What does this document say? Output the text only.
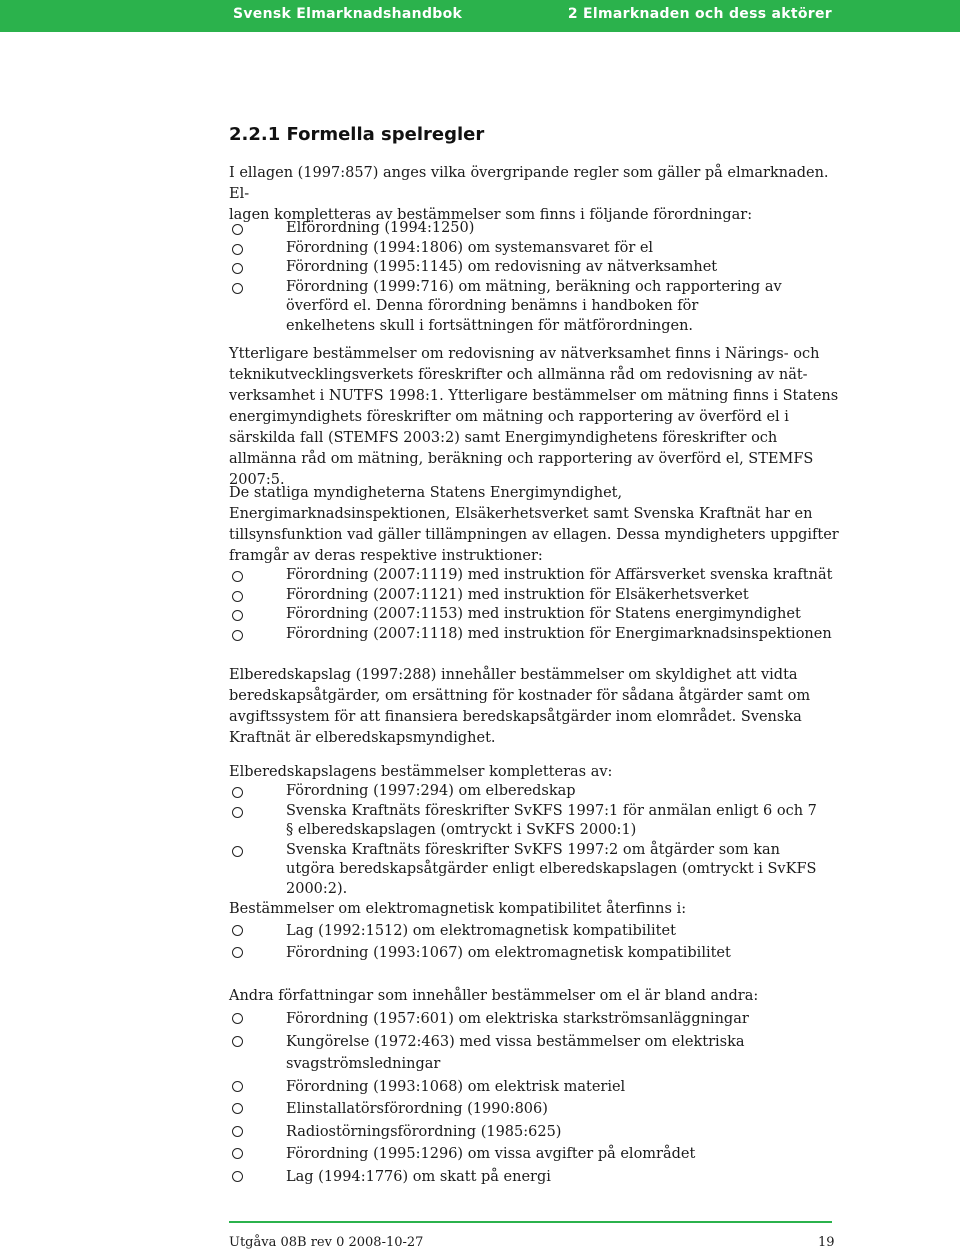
Svensk Elmarknadshandbok	2 Elmarknaden och dess aktörer
2.2.1 Formella spelregler

I ellagen (1997:857) anges vilka övergripande regler som gäller på elmarknaden. El-

lagen kompletteras av bestämmelser som finns i följande förordningar:

Elförordning (1994:1250)
Förordning (1994:1806) om systemansvaret för el
Förordning (1995:1145) om redovisning av nätverksamhet
Förordning (1999:716) om mätning, beräkning och rapportering av överförd el. Denna förordning benämns i handboken för enkelhetens skull i fortsättningen för mätförordningen.

Ytterligare bestämmelser om redovisning av nätverksamhet finns i Närings- och teknikutvecklingsverkets föreskrifter och allmänna råd om redovisning av nät-verksamhet i NUTFS 1998:1. Ytterligare bestämmelser om mätning finns i Statens energimyndighets föreskrifter om mätning och rapportering av överförd el i särskilda fall (STEMFS 2003:2) samt Energimyndighetens föreskrifter och allmänna råd om mätning, beräkning och rapportering av överförd el, STEMFS 2007:5.

De statliga myndigheterna Statens Energimyndighet, Energimarknadsinspektionen, Elsäkerhetsverket samt Svenska Kraftnät har en tillsynsfunktion vad gäller tillämpningen av ellagen. Dessa myndigheters uppgifter framgår av deras respektive instruktioner:

Förordning (2007:1119) med instruktion för Affärsverket svenska kraftnät
Förordning (2007:1121) med instruktion för Elsäkerhetsverket
Förordning (2007:1153) med instruktion för Statens energimyndighet
Förordning (2007:1118) med instruktion för Energimarknadsinspektionen

Elberedskapslag (1997:288) innehåller bestämmelser om skyldighet att vidta beredskapsåtgärder, om ersättning för kostnader för sådana åtgärder samt om avgiftssystem för att finansiera beredskapsåtgärder inom elområdet. Svenska Kraftnät är elberedskapsmyndighet.

Elberedskapslagens bestämmelser kompletteras av:

Förordning (1997:294) om elberedskap
Svenska Kraftnäts föreskrifter SvKFS 1997:1 för anmälan enligt 6 och 7 § elberedskapslagen (omtryckt i SvKFS 2000:1)
Svenska Kraftnäts föreskrifter SvKFS 1997:2 om åtgärder som kan utgöra beredskapsåtgärder enligt elberedskapslagen (omtryckt i SvKFS 2000:2).

Bestämmelser om elektromagnetisk kompatibilitet återfinns i:

Lag (1992:1512) om elektromagnetisk kompatibilitet
Förordning (1993:1067) om elektromagnetisk kompatibilitet

Andra författningar som innehåller bestämmelser om el är bland andra:

Förordning (1957:601) om elektriska starkströmsanläggningar
Kungörelse (1972:463) med vissa bestämmelser om elektriska svagströmsledningar
Förordning (1993:1068) om elektrisk materiel
Elinstallatörsförordning (1990:806)
Radiostörningsförordning (1985:625)
Förordning (1995:1296) om vissa avgifter på elområdet
Lag (1994:1776) om skatt på energi
Utgåva 08B rev 0 2008-10-27	19
